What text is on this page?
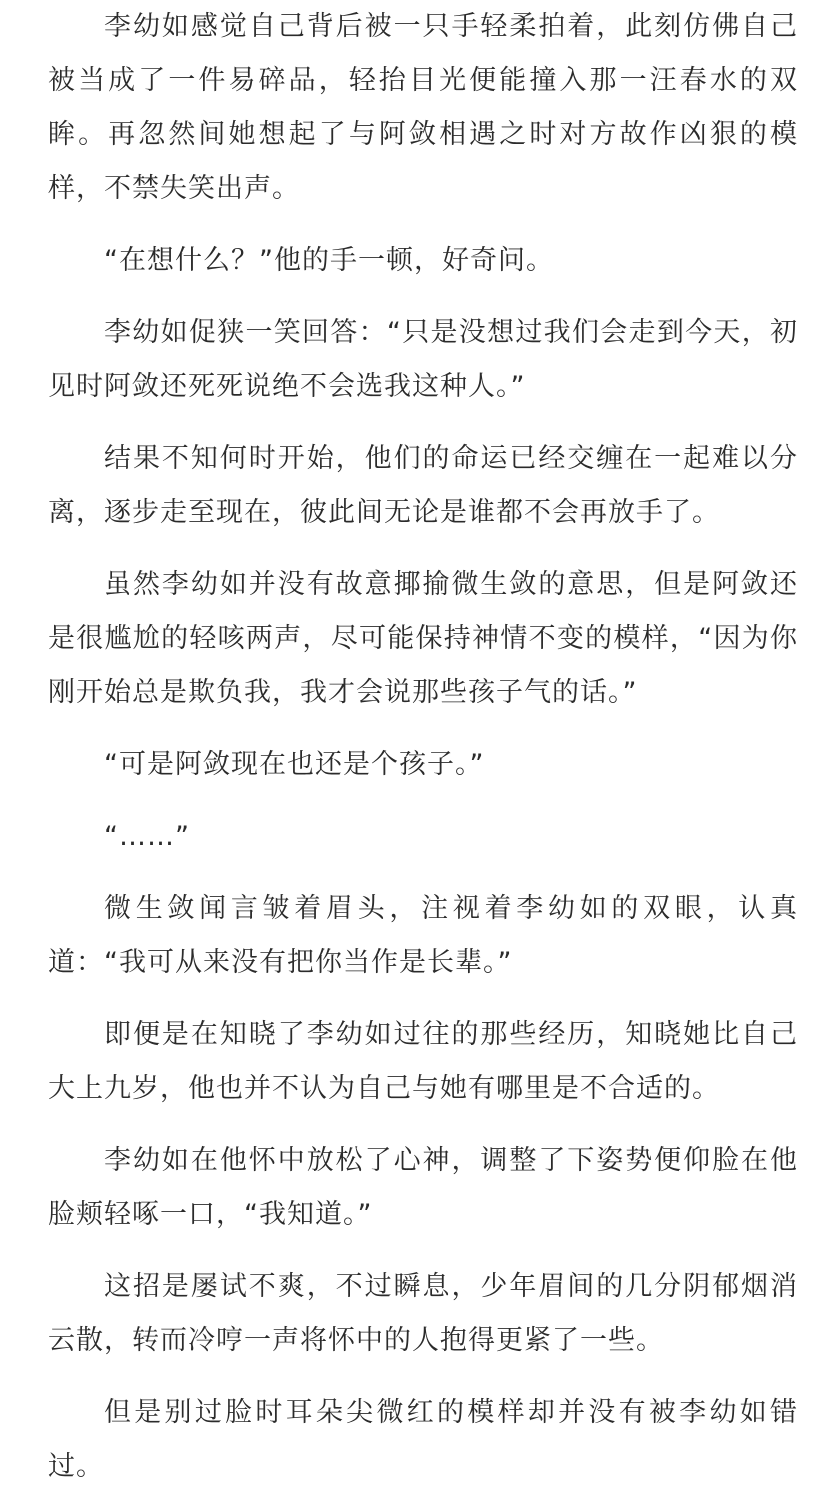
李幼如感觉自己背后被一只手轻柔拍着，此刻仿佛自己被当成了一件易碎品，轻抬目光便能撞入那一汪春水的双眸。再忽然间她想起了与阿敛相遇之时对方故作凶狠的模样，不禁失笑出声。

“在想什么？”他的手一顿，好奇问。

李幼如促狭一笑回答：“只是没想过我们会走到今天，初见时阿敛还死死说绝不会选我这种人。”

结果不知何时开始，他们的命运已经交缠在一起难以分离，逐步走至现在，彼此间无论是谁都不会再放手了。

虽然李幼如并没有故意揶揄微生敛的意思，但是阿敛还是很尴尬的轻咳两声，尽可能保持神情不变的模样，“因为你刚开始总是欺负我，我才会说那些孩子气的话。”

“可是阿敛现在也还是个孩子。”

“……”

微生敛闻言皱着眉头，注视着李幼如的双眼，认真道：“我可从来没有把你当作是长辈。”

即便是在知晓了李幼如过往的那些经历，知晓她比自己大上九岁，他也并不认为自己与她有哪里是不合适的。

李幼如在他怀中放松了心神，调整了下姿势便仰脸在他脸颊轻啄一口，“我知道。”

这招是屡试不爽，不过瞬息，少年眉间的几分阴郁烟消云散，转而冷哼一声将怀中的人抱得更紧了一些。

但是别过脸时耳朵尖微红的模样却并没有被李幼如错过。
